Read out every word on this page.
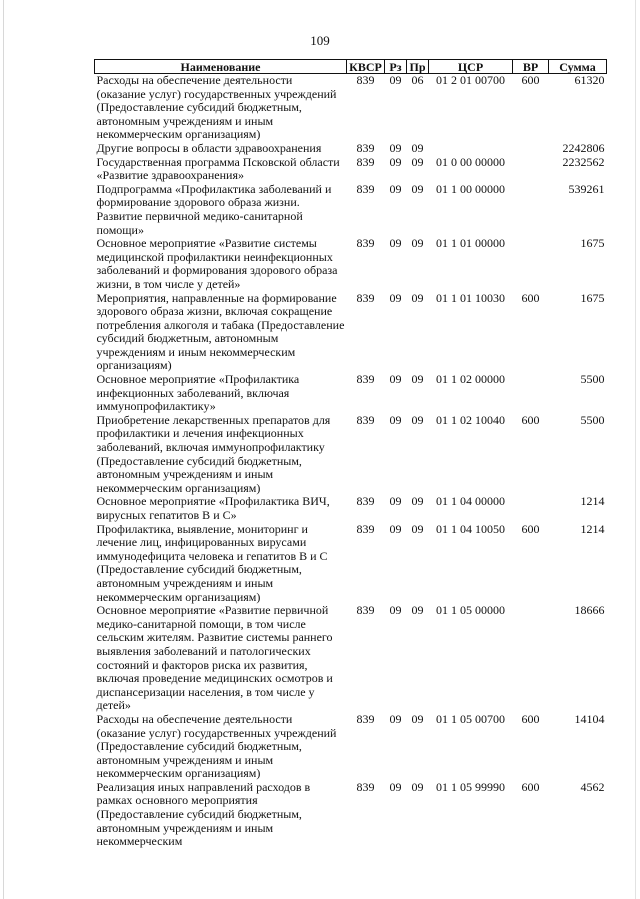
109
Наименование	КВСР	Рз	Пр	ЦСР	ВР	Сумма
Расходы на обеспечение деятельности (оказание услуг) государственных учреждений (Предоставление субсидий бюджетным, автономным учреждениям и иным некоммерческим организациям)	839	09	06	01 2 01 00700	600	61320
Другие вопросы в области здравоохранения	839	09	09			2242806
Государственная программа Псковской области «Развитие здравоохранения»	839	09	09	01 0 00 00000		2232562
Подпрограмма «Профилактика заболеваний и формирование здорового образа жизни. Развитие первичной медико-санитарной помощи»	839	09	09	01 1 00 00000		539261
Основное мероприятие «Развитие системы медицинской профилактики неинфекционных заболеваний и формирования здорового образа жизни, в том числе у детей»	839	09	09	01 1 01 00000		1675
Мероприятия, направленные на формирование здорового образа жизни, включая сокращение потребления алкоголя и табака (Предоставление субсидий бюджетным, автономным учреждениям и иным некоммерческим организациям)	839	09	09	01 1 01 10030	600	1675
Основное мероприятие «Профилактика инфекционных заболеваний, включая иммунопрофилактику»	839	09	09	01 1 02 00000		5500
Приобретение лекарственных препаратов для профилактики и лечения инфекционных заболеваний, включая иммунопрофилактику (Предоставление субсидий бюджетным, автономным учреждениям и иным некоммерческим организациям)	839	09	09	01 1 02 10040	600	5500
Основное мероприятие «Профилактика ВИЧ, вирусных гепатитов В и С»	839	09	09	01 1 04 00000		1214
Профилактика, выявление, мониторинг и лечение лиц, инфицированных вирусами иммунодефицита человека и гепатитов В и С (Предоставление субсидий бюджетным, автономным учреждениям и иным некоммерческим организациям)	839	09	09	01 1 04 10050	600	1214
Основное мероприятие «Развитие первичной медико-санитарной помощи, в том числе сельским жителям. Развитие системы раннего выявления заболеваний и патологических состояний и факторов риска их развития, включая проведение медицинских осмотров и диспансеризации населения, в том числе у детей»	839	09	09	01 1 05 00000		18666
Расходы на обеспечение деятельности (оказание услуг) государственных учреждений (Предоставление субсидий бюджетным, автономным учреждениям и иным некоммерческим организациям)	839	09	09	01 1 05 00700	600	14104
Реализация иных направлений расходов в рамках основного мероприятия (Предоставление субсидий бюджетным, автономным учреждениям и иным некоммерческим	839	09	09	01 1 05 99990	600	4562
